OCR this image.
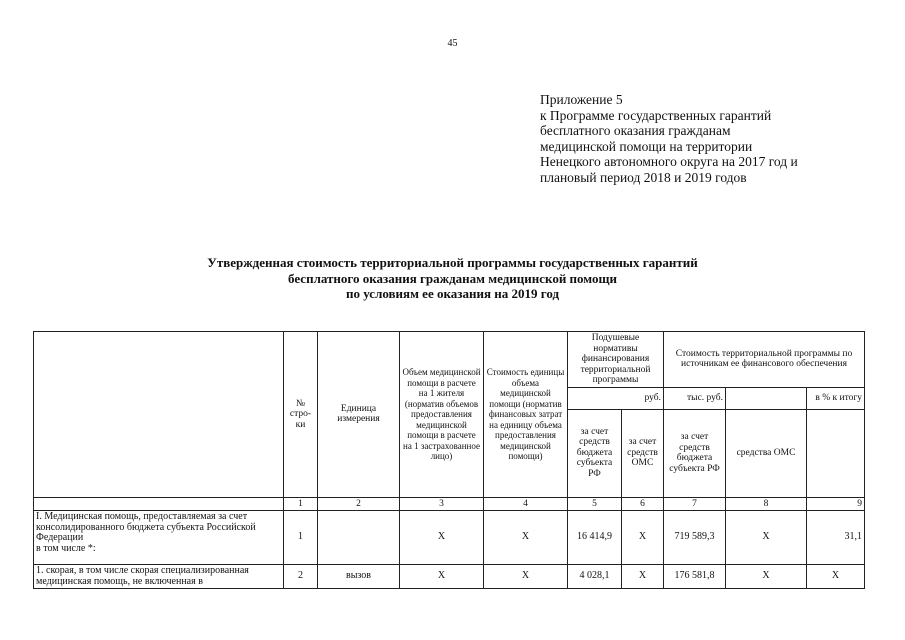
45
Приложение 5
к Программе государственных гарантий
бесплатного оказания гражданам
медицинской помощи на территории
Ненецкого автономного округа на 2017 год и
плановый период 2018 и 2019 годов
Утвержденная стоимость территориальной программы государственных гарантий
бесплатного оказания гражданам медицинской помощи
по условиям ее оказания на 2019 год
	№ стро-ки	Единица измерения	Объем медицинской помощи в расчете на 1 жителя (норматив объемов предоставления медицинской помощи в расчете на 1 застрахованное лицо)	Стоимость единицы объема медицинской помощи (норматив финансовых затрат на единицу объема предоставления медицинской помощи)	Подушевые нормативы финансирования территориальной программы		Стоимость территориальной программы по источникам ее финансового обеспечения		
					руб.		тыс. руб.		в % к итогу
					за счет средств бюджета субъекта РФ	за счет средств ОМС	за счет средств бюджета субъекта РФ	средства ОМС	
	1	2	3	4	5	6	7	8	9
I. Медицинская помощь, предоставляемая за счет консолидированного бюджета субъекта Российской Федерации
в том числе *:	1		X	X	16 414,9	X	719 589,3	X	31,1
1. скорая, в том числе скорая специализированная медицинская помощь, не включенная в	2	вызов	X	X	4 028,1	X	176 581,8	X	X
